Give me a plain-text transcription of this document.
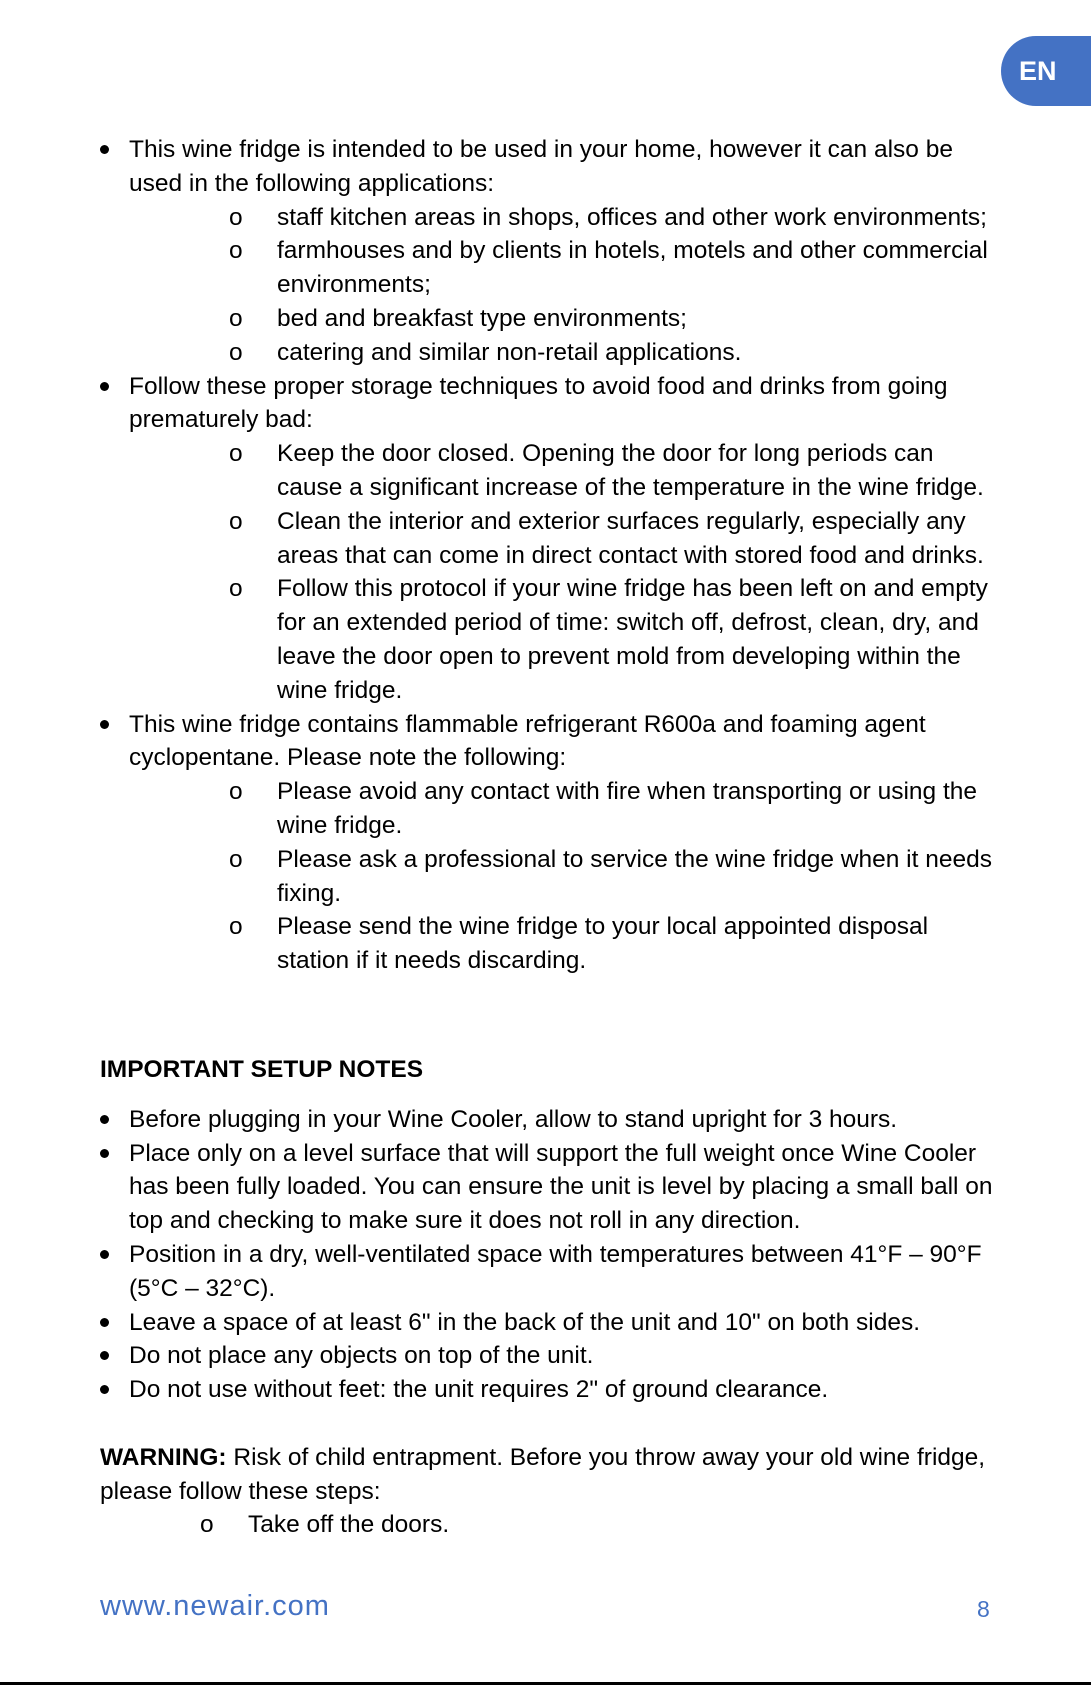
EN
This wine fridge is intended to be used in your home, however it can also be used in the following applications:
o staff kitchen areas in shops, offices and other work environments;
o farmhouses and by clients in hotels, motels and other commercial environments;
o bed and breakfast type environments;
o catering and similar non-retail applications.
Follow these proper storage techniques to avoid food and drinks from going prematurely bad:
o Keep the door closed. Opening the door for long periods can cause a significant increase of the temperature in the wine fridge.
o Clean the interior and exterior surfaces regularly, especially any areas that can come in direct contact with stored food and drinks.
o Follow this protocol if your wine fridge has been left on and empty for an extended period of time: switch off, defrost, clean, dry, and leave the door open to prevent mold from developing within the wine fridge.
This wine fridge contains flammable refrigerant R600a and foaming agent cyclopentane. Please note the following:
o Please avoid any contact with fire when transporting or using the wine fridge.
o Please ask a professional to service the wine fridge when it needs fixing.
o Please send the wine fridge to your local appointed disposal station if it needs discarding.
IMPORTANT SETUP NOTES
Before plugging in your Wine Cooler, allow to stand upright for 3 hours.
Place only on a level surface that will support the full weight once Wine Cooler has been fully loaded. You can ensure the unit is level by placing a small ball on top and checking to make sure it does not roll in any direction.
Position in a dry, well-ventilated space with temperatures between 41°F – 90°F (5°C – 32°C).
Leave a space of at least 6" in the back of the unit and 10" on both sides.
Do not place any objects on top of the unit.
Do not use without feet: the unit requires 2" of ground clearance.
WARNING: Risk of child entrapment. Before you throw away your old wine fridge, please follow these steps:
o Take off the doors.
www.newair.com	8
